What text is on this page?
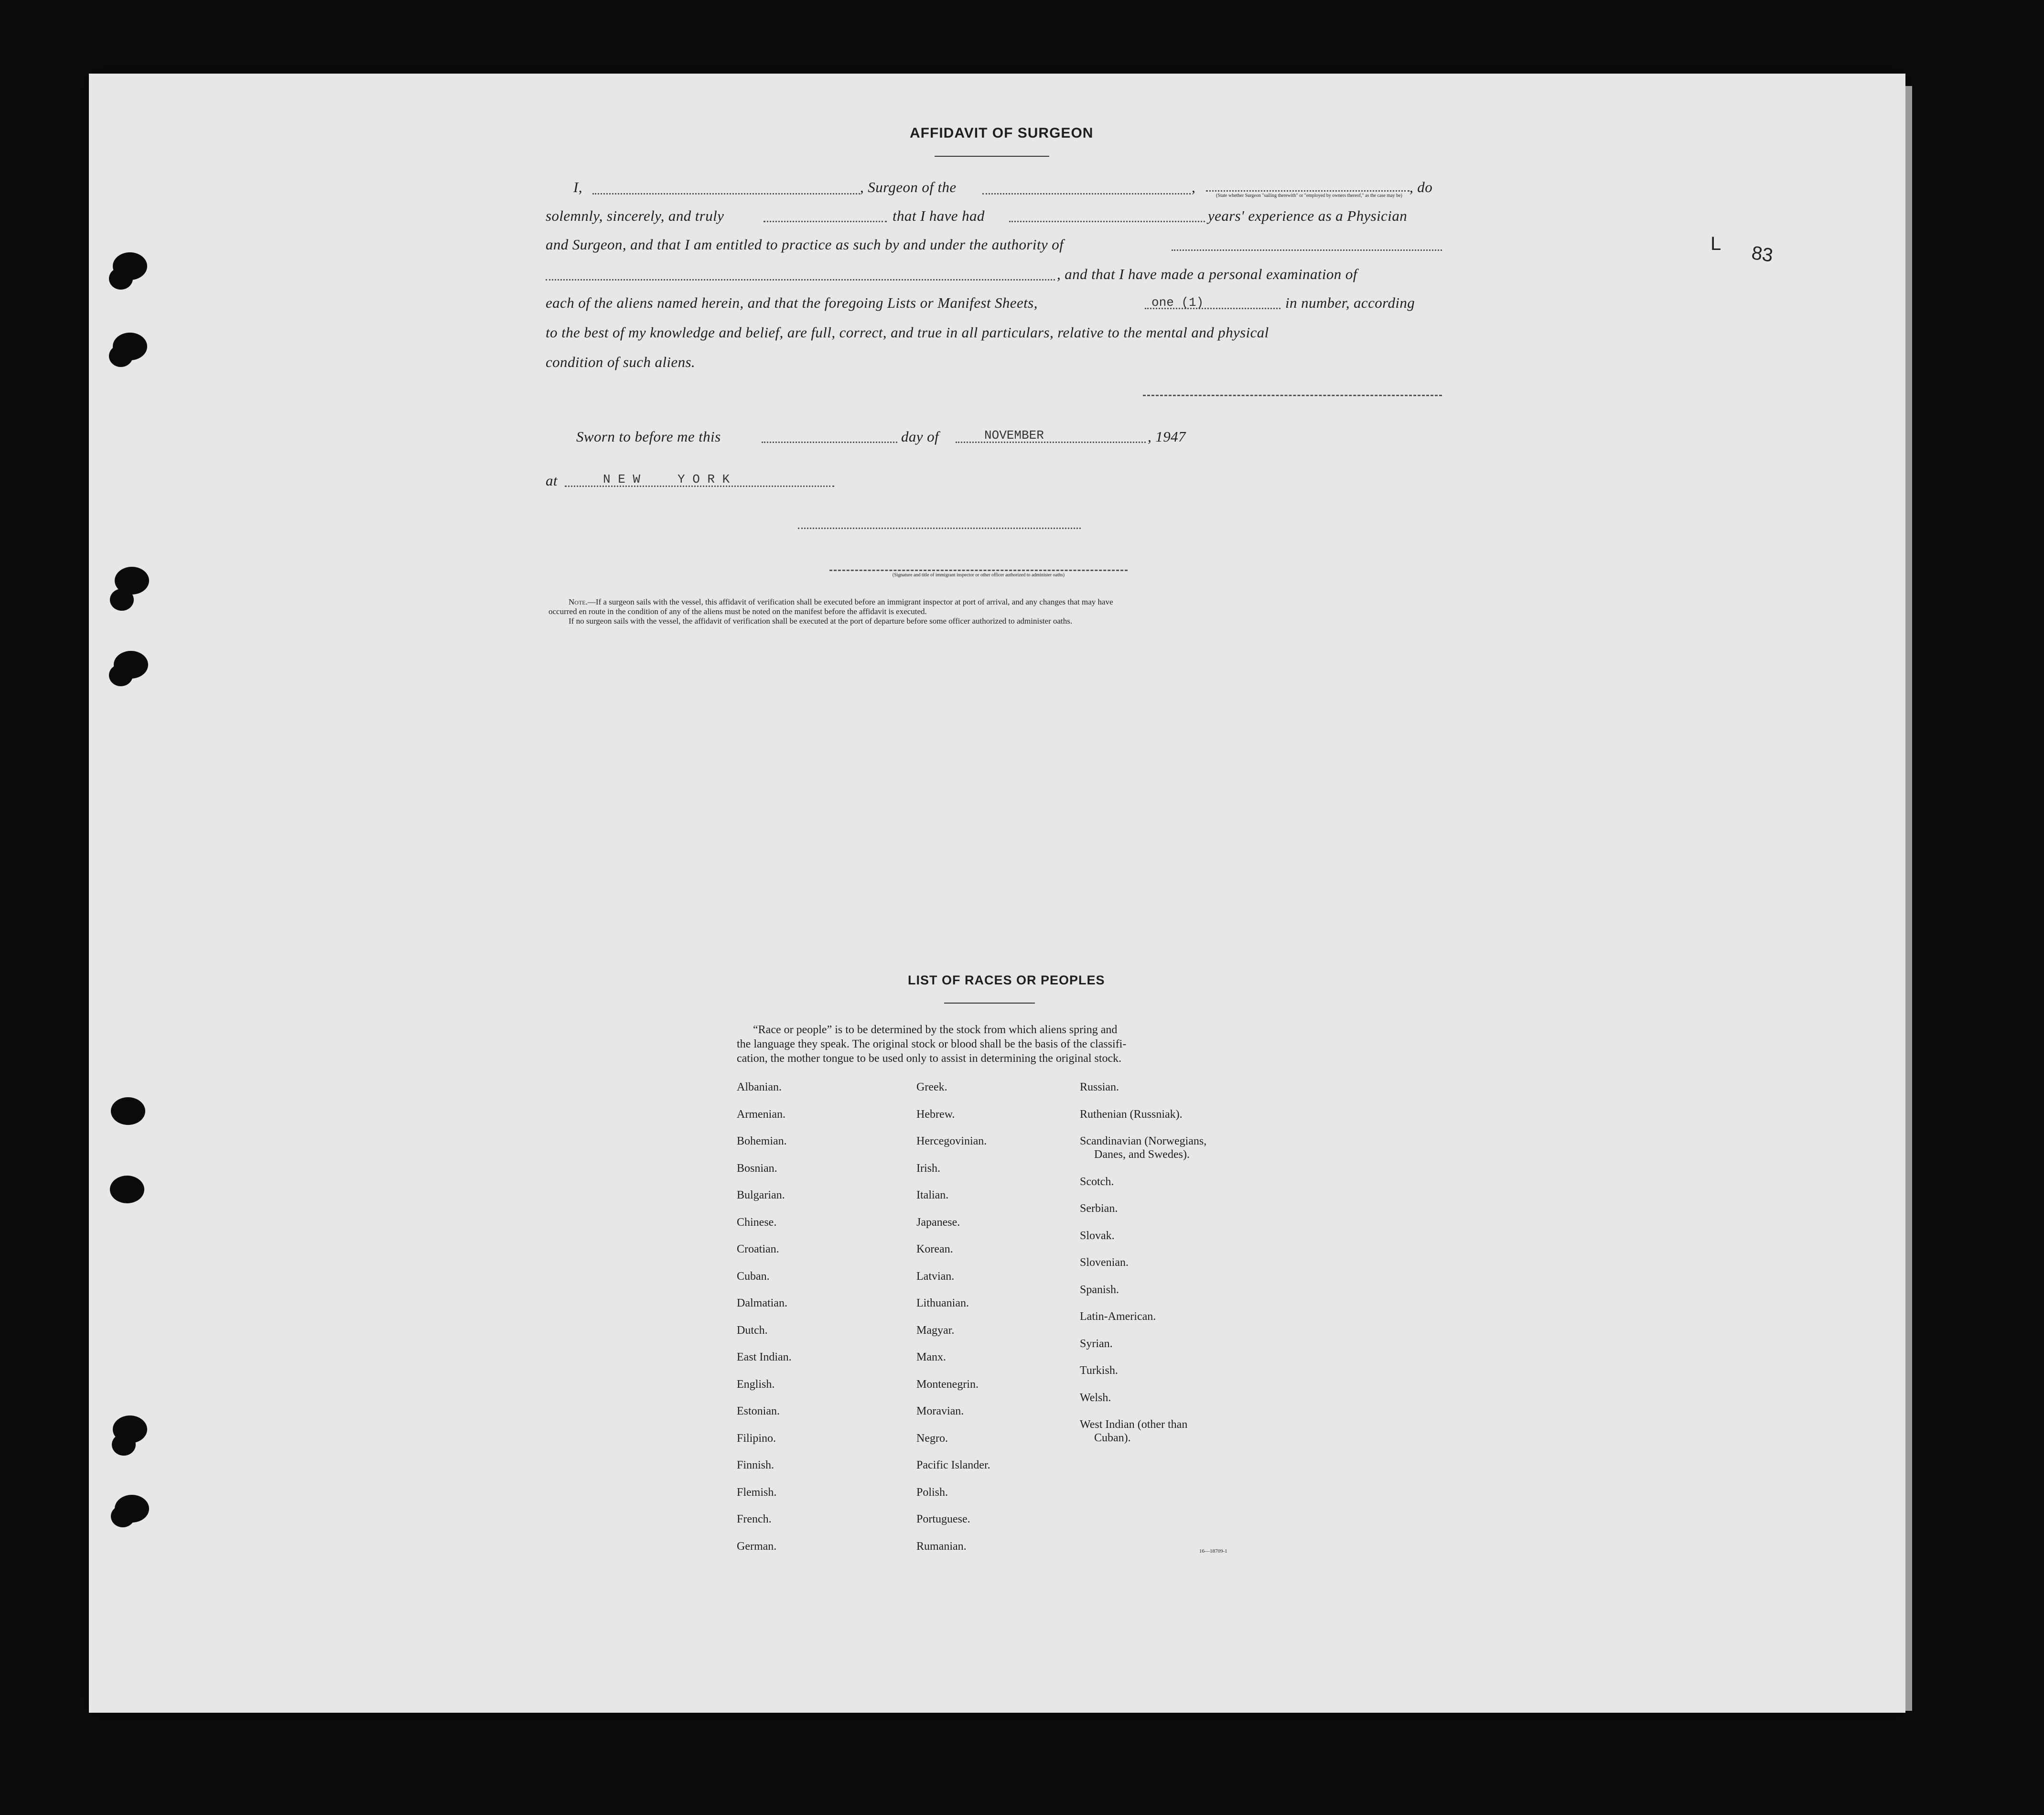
L 83
AFFIDAVIT OF SURGEON
I,	, Surgeon of the	,
(State whether Surgeon "sailing therewith" or "employed by owners thereof," as the case may be)
, do
solemnly, sincerely, and truly	that I have had	years' experience as a Physician
and Surgeon, and that I am entitled to practice as such by and under the authority of
, and that I have made a personal examination of
each of the aliens named herein, and that the foregoing Lists or Manifest Sheets,	one (1)	in number, according
to the best of my knowledge and belief, are full, correct, and true in all particulars, relative to the mental and physical
condition of such aliens.
Sworn to before me this	day of	NOVEMBER	, 1947
at	N E W	Y O R K
(Signature and title of immigrant inspector or other officer authorized to administer oaths)
Note.—If a surgeon sails with the vessel, this affidavit of verification shall be executed before an immigrant inspector at port of arrival, and any changes that may have
occurred en route in the condition of any of the aliens must be noted on the manifest before the affidavit is executed.
If no surgeon sails with the vessel, the affidavit of verification shall be executed at the port of departure before some officer authorized to administer oaths.
LIST OF RACES OR PEOPLES
“Race or people” is to be determined by the stock from which aliens spring and
the language they speak. The original stock or blood shall be the basis of the classifi-
cation, the mother tongue to be used only to assist in determining the original stock.
Albanian.
Armenian.
Bohemian.
Bosnian.
Bulgarian.
Chinese.
Croatian.
Cuban.
Dalmatian.
Dutch.
East Indian.
English.
Estonian.
Filipino.
Finnish.
Flemish.
French.
German.
Greek.
Hebrew.
Hercegovinian.
Irish.
Italian.
Japanese.
Korean.
Latvian.
Lithuanian.
Magyar.
Manx.
Montenegrin.
Moravian.
Negro.
Pacific Islander.
Polish.
Portuguese.
Rumanian.
Russian.
Ruthenian (Russniak).
Scandinavian (Norwegians,
Danes, and Swedes).
Scotch.
Serbian.
Slovak.
Slovenian.
Spanish.
Latin-American.
Syrian.
Turkish.
Welsh.
West Indian (other than
Cuban).
16—18709-1
